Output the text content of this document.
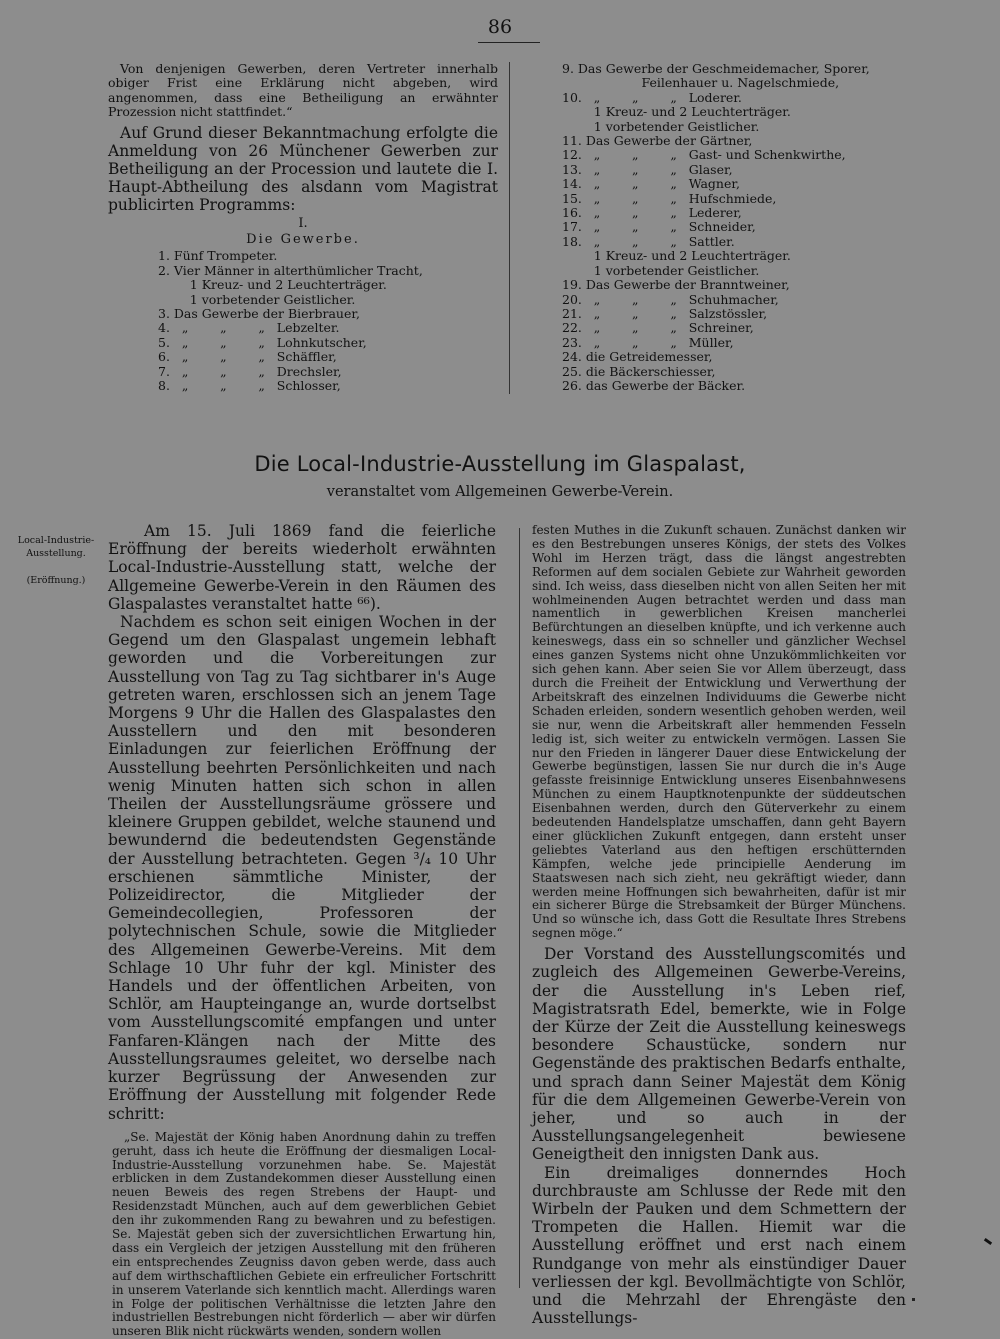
86

Von denjenigen Gewerben, deren Vertreter innerhalb obiger Frist eine Erklärung nicht abgeben, wird angenommen, dass eine Betheiligung an erwähnter Prozession nicht stattfindet.“

Auf Grund dieser Bekanntmachung erfolgte die Anmeldung von 26 Münchener Gewerben zur Betheiligung an der Procession und lautete die I. Haupt-Abtheilung des alsdann vom Magistrat publicirten Programms:

I.

Die Gewerbe.

1. Fünf Trompeter.
2. Vier Männer in alterthümlicher Tracht,
1 Kreuz- und 2 Leuchterträger.
1 vorbetender Geistlicher.
3. Das Gewerbe der Bierbrauer,
4.   „        „        „   Lebzelter.
5.   „        „        „   Lohnkutscher,
6.   „        „        „   Schäffler,
7.   „        „        „   Drechsler,
8.   „        „        „   Schlosser,
9. Das Gewerbe der Geschmeidemacher, Sporer,
Feilenhauer u. Nagelschmiede,
10.   „        „        „   Loderer.
1 Kreuz- und 2 Leuchterträger.
1 vorbetender Geistlicher.
11. Das Gewerbe der Gärtner,
12.   „        „        „   Gast- und Schenkwirthe,
13.   „        „        „   Glaser,
14.   „        „        „   Wagner,
15.   „        „        „   Hufschmiede,
16.   „        „        „   Lederer,
17.   „        „        „   Schneider,
18.   „        „        „   Sattler.
1 Kreuz- und 2 Leuchterträger.
1 vorbetender Geistlicher.
19. Das Gewerbe der Branntweiner,
20.   „        „        „   Schuhmacher,
21.   „        „        „   Salzstössler,
22.   „        „        „   Schreiner,
23.   „        „        „   Müller,
24. die Getreidemesser,
25. die Bäckerschiesser,
26. das Gewerbe der Bäcker.
Die Local-Industrie-Ausstellung im Glaspalast,
veranstaltet vom Allgemeinen Gewerbe-Verein.
Local-Industrie-Ausstellung.
(Eröffnung.)

Am 15. Juli 1869 fand die feierliche Eröffnung der bereits wiederholt erwähnten Local-Industrie-Ausstellung statt, welche der Allgemeine Gewerbe-Verein in den Räumen des Glaspalastes veranstaltet hatte ⁶⁶).

Nachdem es schon seit einigen Wochen in der Gegend um den Glaspalast ungemein lebhaft geworden und die Vorbereitungen zur Ausstellung von Tag zu Tag sichtbarer in's Auge getreten waren, erschlossen sich an jenem Tage Morgens 9 Uhr die Hallen des Glaspalastes den Ausstellern und den mit besonderen Einladungen zur feierlichen Eröffnung der Ausstellung beehrten Persönlichkeiten und nach wenig Minuten hatten sich schon in allen Theilen der Ausstellungsräume grössere und kleinere Gruppen gebildet, welche staunend und bewundernd die bedeutendsten Gegenstände der Ausstellung betrachteten. Gegen ³/₄ 10 Uhr erschienen sämmtliche Minister, der Polizeidirector, die Mitglieder der Gemeindecollegien, Professoren der polytechnischen Schule, sowie die Mitglieder des Allgemeinen Gewerbe-Vereins. Mit dem Schlage 10 Uhr fuhr der kgl. Minister des Handels und der öffentlichen Arbeiten, von Schlör, am Haupteingange an, wurde dortselbst vom Ausstellungscomité empfangen und unter Fanfaren-Klängen nach der Mitte des Ausstellungsraumes geleitet, wo derselbe nach kurzer Begrüssung der Anwesenden zur Eröffnung der Ausstellung mit folgender Rede schritt:

„Se. Majestät der König haben Anordnung dahin zu treffen geruht, dass ich heute die Eröffnung der diesmaligen Local-Industrie-Ausstellung vorzunehmen habe. Se. Majestät erblicken in dem Zustandekommen dieser Ausstellung einen neuen Beweis des regen Strebens der Haupt- und Residenzstadt München, auch auf dem gewerblichen Gebiet den ihr zukommenden Rang zu bewahren und zu befestigen. Se. Majestät geben sich der zuversichtlichen Erwartung hin, dass ein Vergleich der jetzigen Ausstellung mit den früheren ein entsprechendes Zeugniss davon geben werde, dass auch auf dem wirthschaftlichen Gebiete ein erfreulicher Fortschritt in unserem Vaterlande sich kenntlich macht. Allerdings waren in Folge der politischen Verhältnisse die letzten Jahre den industriellen Bestrebungen nicht förderlich — aber wir dürfen unseren Blik nicht rückwärts wenden, sondern wollen

festen Muthes in die Zukunft schauen. Zunächst danken wir es den Bestrebungen unseres Königs, der stets des Volkes Wohl im Herzen trägt, dass die längst angestrebten Reformen auf dem socialen Gebiete zur Wahrheit geworden sind. Ich weiss, dass dieselben nicht von allen Seiten her mit wohlmeinenden Augen betrachtet werden und dass man namentlich in gewerblichen Kreisen mancherlei Befürchtungen an dieselben knüpfte, und ich verkenne auch keineswegs, dass ein so schneller und gänzlicher Wechsel eines ganzen Systems nicht ohne Unzukömmlichkeiten vor sich gehen kann. Aber seien Sie vor Allem überzeugt, dass durch die Freiheit der Entwicklung und Verwerthung der Arbeitskraft des einzelnen Individuums die Gewerbe nicht Schaden erleiden, sondern wesentlich gehoben werden, weil sie nur, wenn die Arbeitskraft aller hemmenden Fesseln ledig ist, sich weiter zu entwickeln vermögen. Lassen Sie nur den Frieden in längerer Dauer diese Entwickelung der Gewerbe begünstigen, lassen Sie nur durch die in's Auge gefasste freisinnige Entwicklung unseres Eisenbahnwesens München zu einem Hauptknotenpunkte der süddeutschen Eisenbahnen werden, durch den Güterverkehr zu einem bedeutenden Handelsplatze umschaffen, dann geht Bayern einer glücklichen Zukunft entgegen, dann ersteht unser geliebtes Vaterland aus den heftigen erschütternden Kämpfen, welche jede principielle Aenderung im Staatswesen nach sich zieht, neu gekräftigt wieder, dann werden meine Hoffnungen sich bewahrheiten, dafür ist mir ein sicherer Bürge die Strebsamkeit der Bürger Münchens. Und so wünsche ich, dass Gott die Resultate Ihres Strebens segnen möge.“

Der Vorstand des Ausstellungscomités und zugleich des Allgemeinen Gewerbe-Vereins, der die Ausstellung in's Leben rief, Magistratsrath Edel, bemerkte, wie in Folge der Kürze der Zeit die Ausstellung keineswegs besondere Schaustücke, sondern nur Gegenstände des praktischen Bedarfs enthalte, und sprach dann Seiner Majestät dem König für die dem Allgemeinen Gewerbe-Verein von jeher, und so auch in der Ausstellungsangelegenheit bewiesene Geneigtheit den innigsten Dank aus.

Ein dreimaliges donnerndes Hoch durchbrauste am Schlusse der Rede mit den Wirbeln der Pauken und dem Schmettern der Trompeten die Hallen. Hiemit war die Ausstellung eröffnet und erst nach einem Rundgange von mehr als einstündiger Dauer verliessen der kgl. Bevollmächtigte von Schlör, und die Mehrzahl der Ehrengäste den Ausstellungs-
